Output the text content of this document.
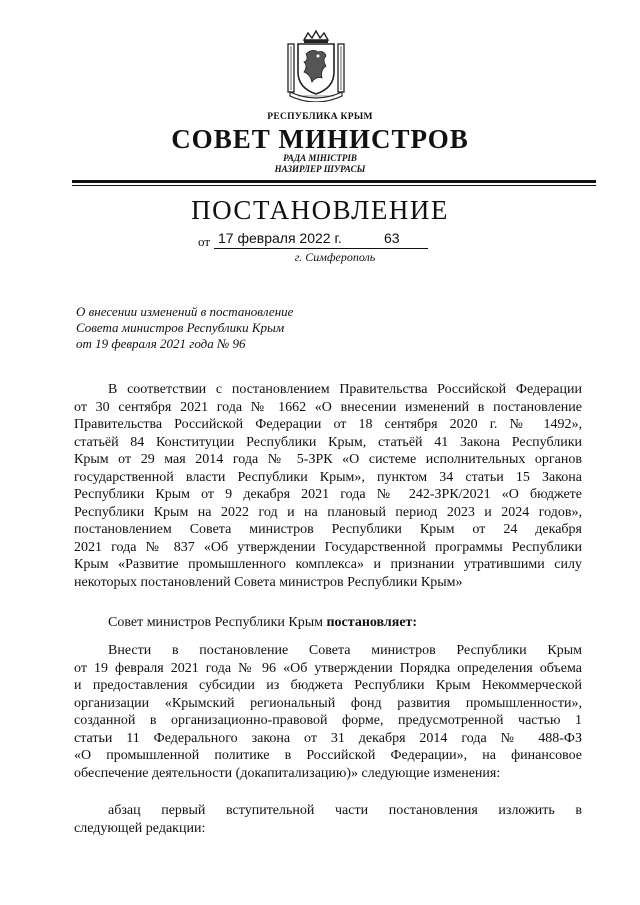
РЕСПУБЛИКА КРЫМ
СОВЕТ МИНИСТРОВ
РАДА МІНІСТРІВ
НАЗИРЛЕР ШУРАСЫ
ПОСТАНОВЛЕНИЕ
от 17 февраля 2022 г.	63
г. Симферополь
О внесении изменений в постановление
Совета министров Республики Крым
от 19 февраля 2021 года № 96
В соответствии с постановлением Правительства Российской Федерации
от 30 сентября 2021 года № 1662 «О внесении изменений в постановление
Правительства Российской Федерации от 18 сентября 2020 г. № 1492»,
статьёй 84 Конституции Республики Крым, статьёй 41 Закона Республики
Крым от 29 мая 2014 года № 5-ЗРК «О системе исполнительных органов
государственной власти Республики Крым», пунктом 34 статьи 15 Закона
Республики Крым от 9 декабря 2021 года № 242-ЗРК/2021 «О бюджете
Республики Крым на 2022 год и на плановый период 2023 и 2024 годов»,
постановлением Совета министров Республики Крым от 24 декабря
2021 года № 837 «Об утверждении Государственной программы Республики
Крым «Развитие промышленного комплекса» и признании утратившими силу
некоторых постановлений Совета министров Республики Крым»
Совет министров Республики Крым постановляет:
Внести в постановление Совета министров Республики Крым
от 19 февраля 2021 года № 96 «Об утверждении Порядка определения объема
и предоставления субсидии из бюджета Республики Крым Некоммерческой
организации «Крымский региональный фонд развития промышленности»,
созданной в организационно-правовой форме, предусмотренной частью 1
статьи 11 Федерального закона от 31 декабря 2014 года № 488-ФЗ
«О промышленной политике в Российской Федерации», на финансовое
обеспечение деятельности (докапитализацию)» следующие изменения:
абзац первый вступительной части постановления изложить в
следующей редакции:
